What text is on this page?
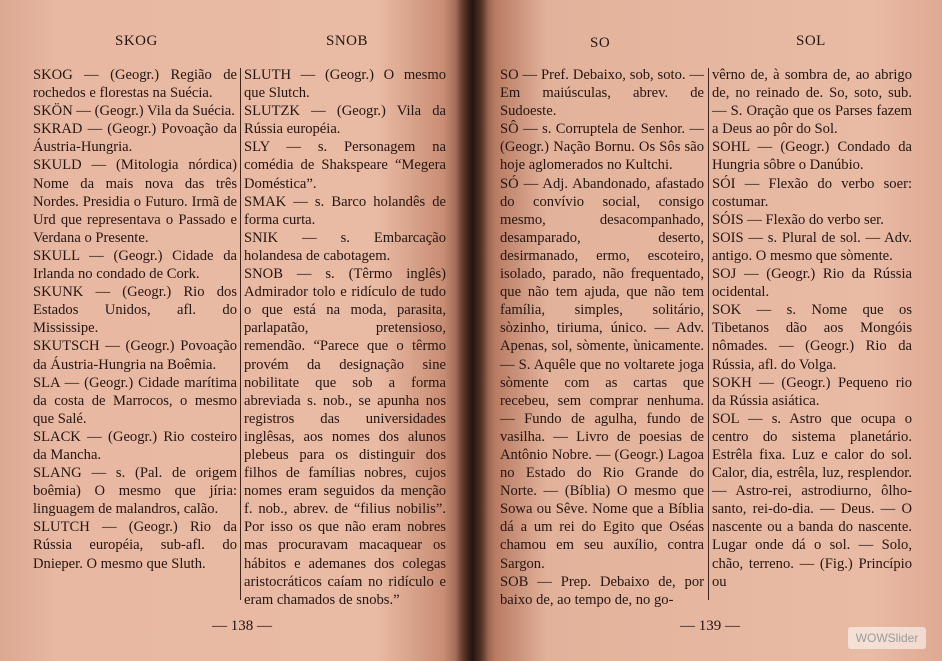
SKOG	SNOB

SKOG — (Geogr.) Região de rochedos e florestas na Suécia.

SKÖN — (Geogr.) Vila da Suécia.

SKRAD — (Geogr.) Povoação da Áustria-Hungria.

SKULD — (Mitologia nórdica) Nome da mais nova das três Nordes. Presidia o Futuro. Irmã de Urd que representava o Passado e Verdana o Presente.

SKULL — (Geogr.) Cidade da Irlanda no condado de Cork.

SKUNK — (Geogr.) Rio dos Estados Unidos, afl. do Mississipe.

SKUTSCH — (Geogr.) Povoação da Áustria-Hungria na Boêmia.

SLA — (Geogr.) Cidade marítima da costa de Marrocos, o mesmo que Salé.

SLACK — (Geogr.) Rio costeiro da Mancha.

SLANG — s. (Pal. de origem boêmia) O mesmo que jíria: linguagem de malandros, calão.

SLUTCH — (Geogr.) Rio da Rússia européia, sub-afl. do Dnieper. O mesmo que Sluth.

SLUTH — (Geogr.) O mesmo que Slutch.

SLUTZK — (Geogr.) Vila da Rússia européia.

SLY — s. Personagem na comédia de Shakspeare “Megera Doméstica”.

SMAK — s. Barco holandês de forma curta.

SNIK — s. Embarcação holandesa de cabotagem.

SNOB — s. (Têrmo inglês) Admirador tolo e ridículo de tudo o que está na moda, parasita, parlapatão, pretensioso, remendão. “Parece que o têrmo provém da designação sine nobilitate que sob a forma abreviada s. nob., se apunha nos registros das universidades inglêsas, aos nomes dos alunos plebeus para os distinguir dos filhos de famílias nobres, cujos nomes eram seguidos da menção f. nob., abrev. de “filius nobilis”. Por isso os que não eram nobres mas procuravam macaquear os hábitos e ademanes dos colegas aristocráticos caíam no ridículo e eram chamados de snobs.”

— 138 —
SO	SOL

SO — Pref. Debaixo, sob, soto. — Em maiúsculas, abrev. de Sudoeste.

SÔ — s. Corruptela de Senhor. —(Geogr.) Nação Bornu. Os Sôs são hoje aglomerados no Kultchi.

SÓ — Adj. Abandonado, afastado do convívio social, consigo mesmo, desacompanhado, desamparado, deserto, desirmanado, ermo, escoteiro, isolado, parado, não frequentado, que não tem ajuda, que não tem família, simples, solitário, sòzinho, tiriuma, único. — Adv. Apenas, sol, sòmente, ùnicamente. — S. Aquêle que no voltarete joga sòmente com as cartas que recebeu, sem comprar nenhuma. — Fundo de agulha, fundo de vasilha. — Livro de poesias de Antônio Nobre. — (Geogr.) Lagoa no Estado do Rio Grande do Norte. — (Bíblia) O mesmo que Sowa ou Sêve. Nome que a Bíblia dá a um rei do Egito que Oséas chamou em seu auxílio, contra Sargon.

SOB — Prep. Debaixo de, por baixo de, ao tempo de, no go-

vêrno de, à sombra de, ao abrigo de, no reinado de. So, soto, sub. — S. Oração que os Parses fazem a Deus ao pôr do Sol.

SOHL — (Geogr.) Condado da Hungria sôbre o Danúbio.

SÓI — Flexão do verbo soer: costumar.

SÓIS — Flexão do verbo ser.

SOIS — s. Plural de sol. — Adv. antigo. O mesmo que sòmente.

SOJ — (Geogr.) Rio da Rússia ocidental.

SOK — s. Nome que os Tibetanos dão aos Mongóis nômades. — (Geogr.) Rio da Rússia, afl. do Volga.

SOKH — (Geogr.) Pequeno rio da Rússia asiática.

SOL — s. Astro que ocupa o centro do sistema planetário. Estrêla fixa. Luz e calor do sol. Calor, dia, estrêla, luz, resplendor. — Astro-rei, astrodiurno, ôlho-santo, rei-do-dia. — Deus. — O nascente ou a banda do nascente. Lugar onde dá o sol. — Solo, chão, terreno. — (Fig.) Princípio ou

— 139 —
WOWSlider
